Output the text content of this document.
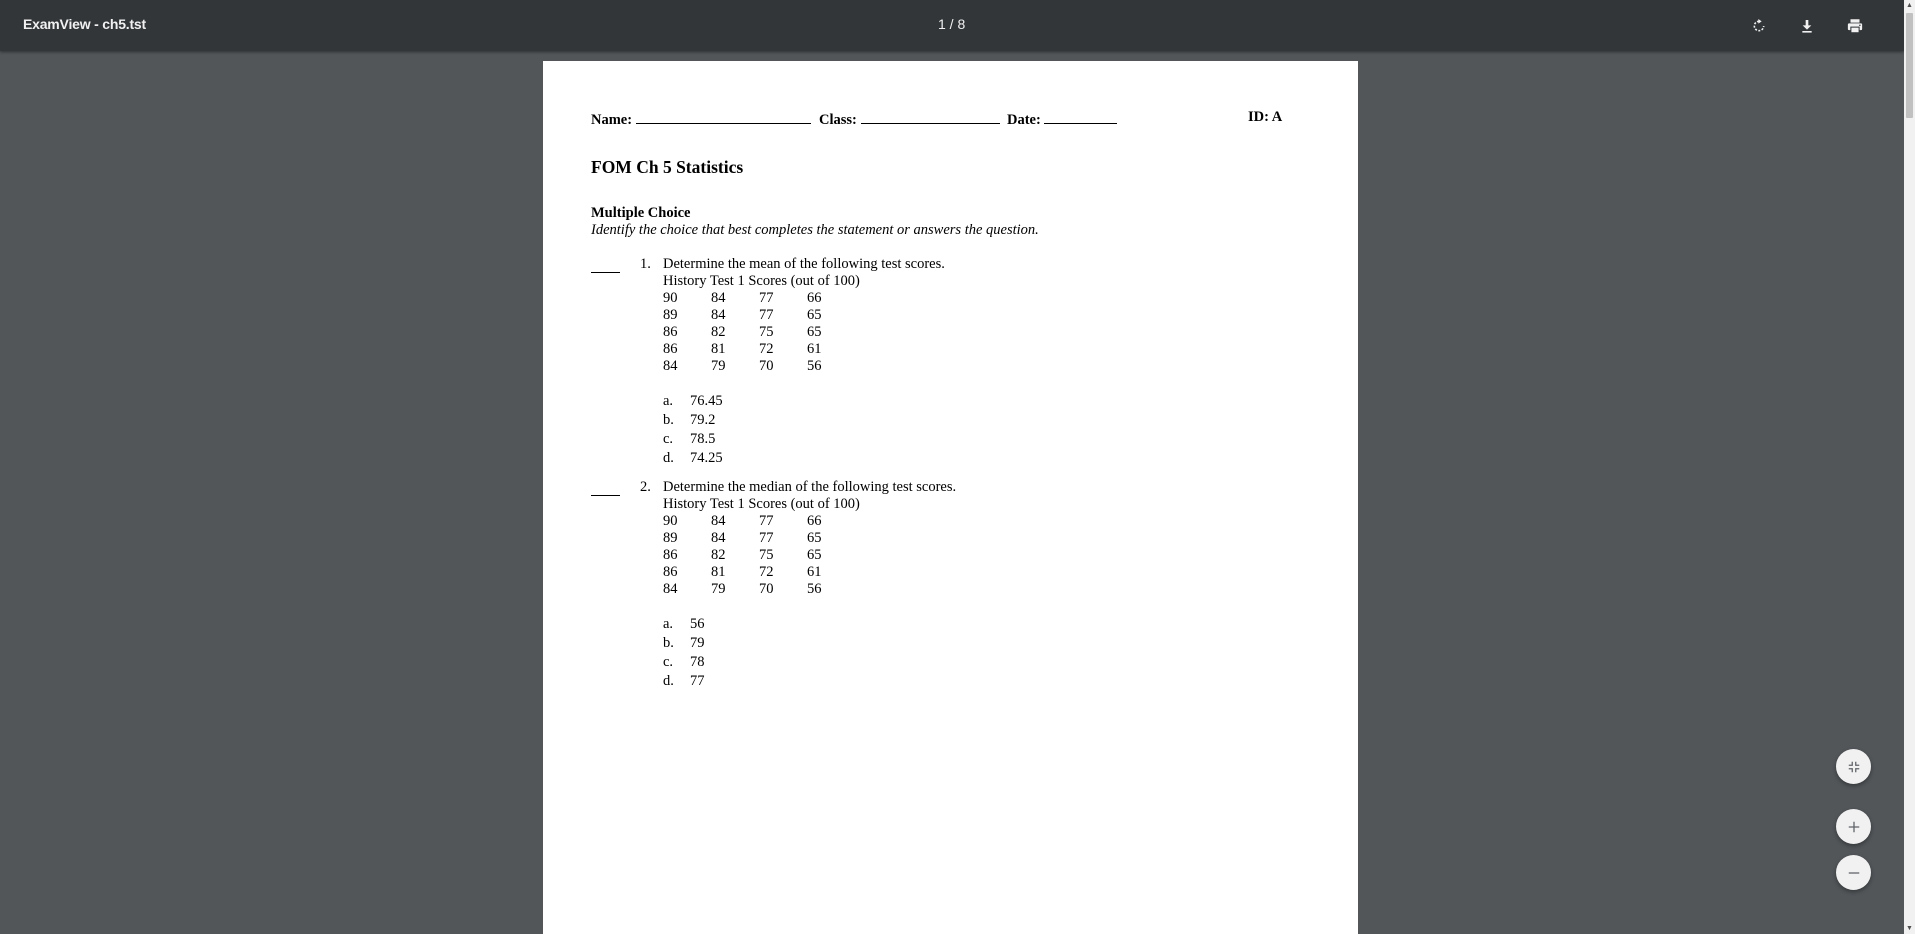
ExamView - ch5.tst	1 / 8
Name:	Class:	Date:	ID: A
FOM Ch 5 Statistics
Multiple Choice
Identify the choice that best completes the statement or answers the question.
1. Determine the mean of the following test scores.
History Test 1 Scores (out of 100)
90	84	77	66
89	84	77	65
86	82	75	65
86	81	72	61
84	79	70	56
a.	76.45
b.	79.2
c.	78.5
d.	74.25
2. Determine the median of the following test scores.
History Test 1 Scores (out of 100)
90	84	77	66
89	84	77	65
86	82	75	65
86	81	72	61
84	79	70	56
a.	56
b.	79
c.	78
d.	77
▲
▼
